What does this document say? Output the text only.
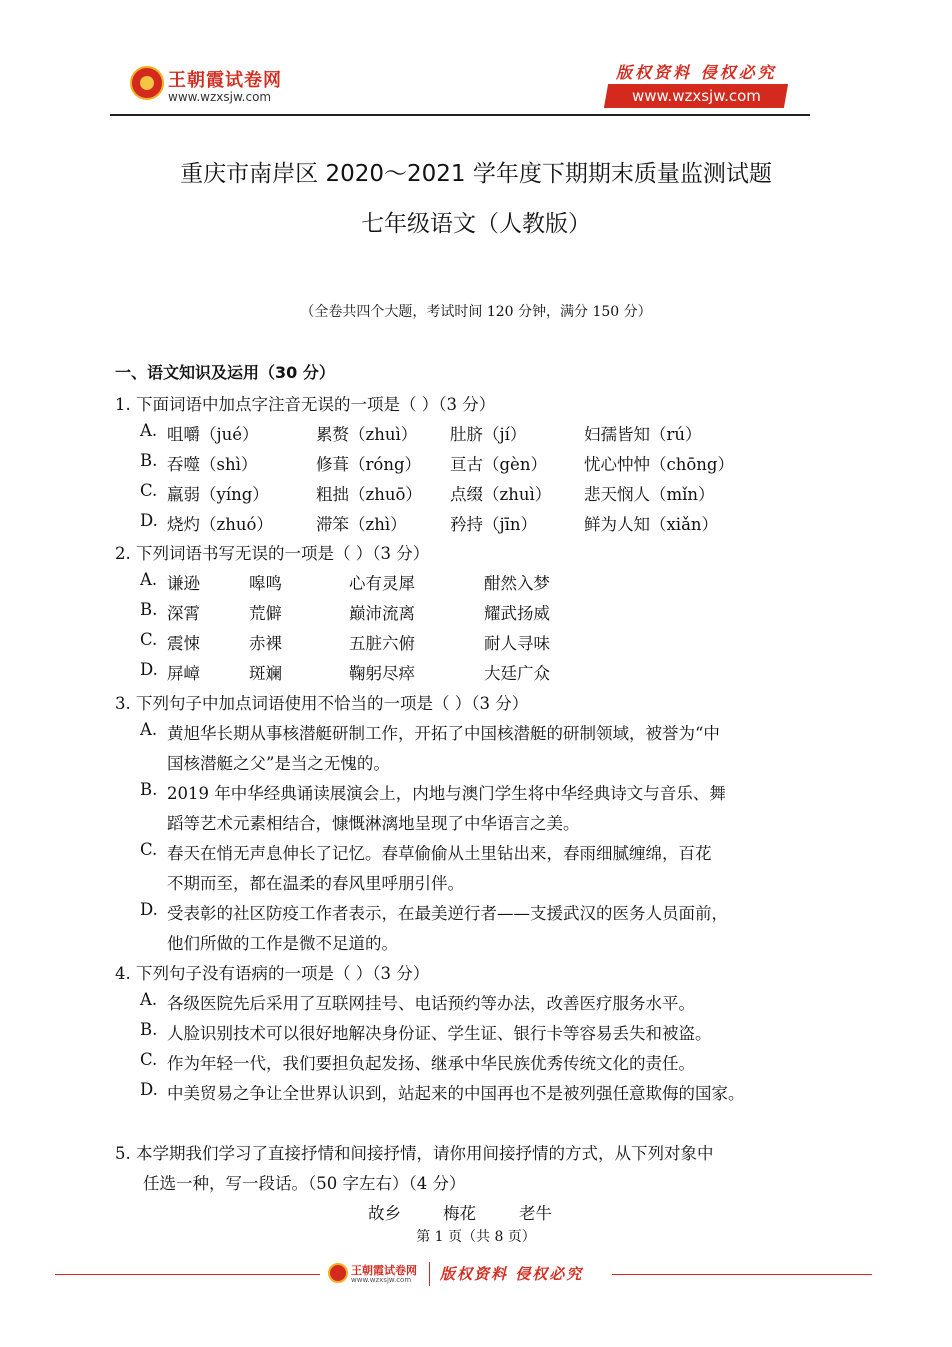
王朝霞试卷网
www.wzxsjw.com
版权资料 侵权必究
www.wzxsjw.com
重庆市南岸区 2020～2021 学年度下期期末质量监测试题
七年级语文（人教版）
（全卷共四个大题，考试时间 120 分钟，满分 150 分）
一、语文知识及运用（30 分）
1. 下面词语中加点字注音无误的一项是（ ）（3 分）
A. 咀嚼（jué）	累赘（zhuì） 肚脐（jí）	妇孺皆知（rú）
B. 吞噬（shì）	修葺（róng） 亘古（gèn） 忧心忡忡（chōng）
C. 羸弱（yíng）	粗拙（zhuō） 点缀（zhuì） 悲天悯人（mǐn）
D. 烧灼（zhuó）	滞笨（zhì）	矜持（jīn）	鲜为人知（xiǎn）
2. 下列词语书写无误的一项是（ ）（3 分）
A. 谦逊	嗥鸣	心有灵犀	酣然入梦
B. 深霄	荒僻	巅沛流离	耀武扬威
C. 震悚	赤裸	五脏六俯	耐人寻味
D. 屏嶂	斑斓	鞠躬尽瘁	大廷广众
3. 下列句子中加点词语使用不恰当的一项是（ ）（3 分）
A. 黄旭华长期从事核潜艇研制工作，开拓了中国核潜艇的研制领域，被誉为“中
国核潜艇之父”是当之无愧的。
B. 2019 年中华经典诵读展演会上，内地与澳门学生将中华经典诗文与音乐、舞
蹈等艺术元素相结合，慷慨淋漓地呈现了中华语言之美。
C. 春天在悄无声息伸长了记忆。春草偷偷从土里钻出来，春雨细腻缠绵，百花
不期而至，都在温柔的春风里呼朋引伴。
D. 受表彰的社区防疫工作者表示，在最美逆行者——支援武汉的医务人员面前，
他们所做的工作是微不足道的。
4. 下列句子没有语病的一项是（ ）（3 分）
A. 各级医院先后采用了互联网挂号、电话预约等办法，改善医疗服务水平。
B. 人脸识别技术可以很好地解决身份证、学生证、银行卡等容易丢失和被盗。
C. 作为年轻一代，我们要担负起发扬、继承中华民族优秀传统文化的责任。
D. 中美贸易之争让全世界认识到，站起来的中国再也不是被列强任意欺侮的国家。
5. 本学期我们学习了直接抒情和间接抒情，请你用间接抒情的方式，从下列对象中
任选一种，写一段话。（50 字左右）（4 分）
故乡	梅花	老牛
第 1 页（共 8 页）
王朝霞试卷网
www.wzxsjw.com 版权资料 侵权必究
